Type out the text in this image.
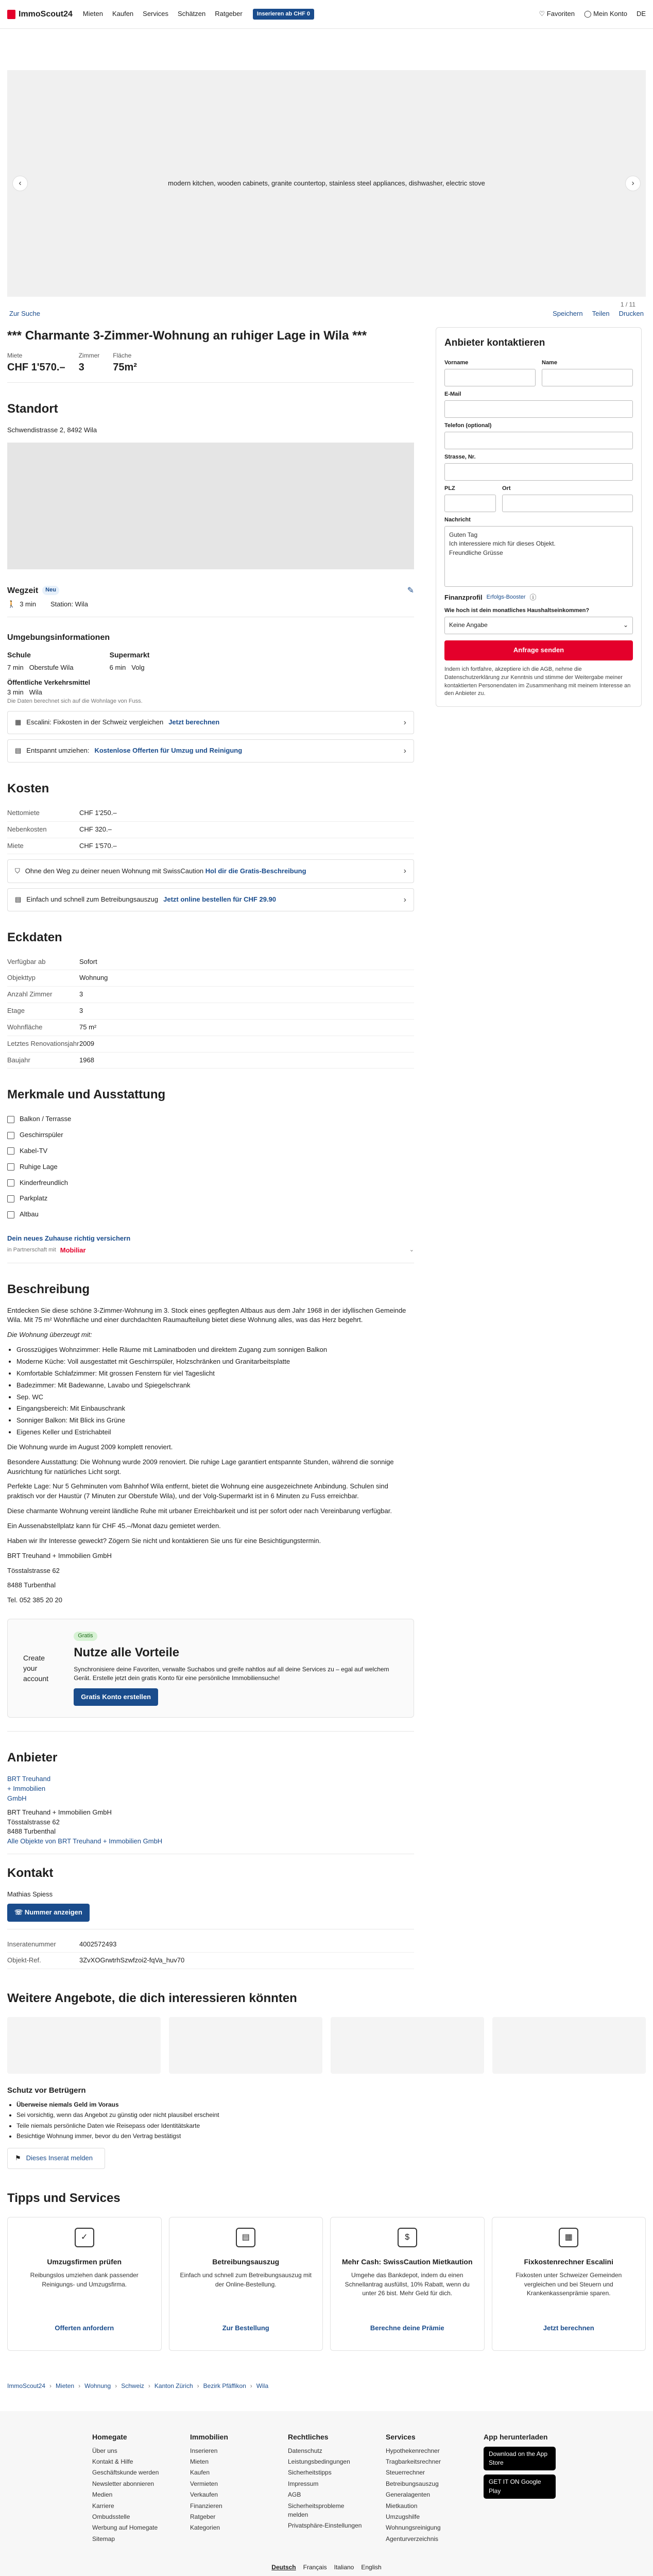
ImmoScout24 Mieten Kaufen Services Schätzen Ratgeber	Inserieren ab CHF 0	♡ Favoriten ◯ Mein Konto DE
modern kitchen, wooden cabinets, granite countertop, stainless steel appliances, dishwasher, electric stove
‹	›
1 / 11
Zur Suche	Speichern Teilen Drucken
*** Charmante 3-Zimmer-Wohnung an ruhiger Lage in Wila ***
Miete
CHF 1'570.–
Zimmer
3
Fläche
75m²
Standort
Schwendistrasse 2, 8492 Wila
Wegzeit	Neu	✎
🚶 3 min Station: Wila
Umgebungsinformationen
Schule
7 min Oberstufe Wila
Supermarkt
6 min Volg
Öffentliche Verkehrsmittel
3 min Wila
Die Daten berechnet sich auf die Wohnlage von Fuss.
▦ Escalini: Fixkosten in der Schweiz vergleichen Jetzt berechnen	›
▤ Entspannt umziehen: Kostenlose Offerten für Umzug und Reinigung	›
Kosten
Nettomiete	CHF 1'250.–
Nebenkosten	CHF 320.–
Miete	CHF 1'570.–
⛉ Ohne den Weg zu deiner neuen Wohnung mit SwissCaution Hol dir die Gratis-Beschreibung	›
▤ Einfach und schnell zum Betreibungsauszug Jetzt online bestellen für CHF 29.90	›
Eckdaten
Verfügbar ab	Sofort
Objekttyp	Wohnung
Anzahl Zimmer	3
Etage	3
Wohnfläche	75 m²
Letztes Renovationsjahr 2009
Baujahr	1968
Merkmale und Ausstattung
Balkon / Terrasse
Geschirrspüler
Kabel-TV
Ruhige Lage
Kinderfreundlich
Parkplatz
Altbau
Dein neues Zuhause richtig versichern
in Partnerschaft mit Mobiliar	⌄
Beschreibung

Entdecken Sie diese schöne 3-Zimmer-Wohnung im 3. Stock eines gepflegten Altbaus aus dem Jahr 1968 in der idyllischen Gemeinde Wila. Mit 75 m² Wohnfläche und einer durchdachten Raumaufteilung bietet diese Wohnung alles, was das Herz begehrt.

Die Wohnung überzeugt mit:

• Grosszügiges Wohnzimmer: Helle Räume mit Laminatboden und direktem Zugang zum sonnigen Balkon
• Moderne Küche: Voll ausgestattet mit Geschirrspüler, Holzschränken und Granitarbeitsplatte
• Komfortable Schlafzimmer: Mit grossen Fenstern für viel Tageslicht
• Badezimmer: Mit Badewanne, Lavabo und Spiegelschrank
• Sep. WC
• Eingangsbereich: Mit Einbauschrank
• Sonniger Balkon: Mit Blick ins Grüne
• Eigenes Keller und Estrichabteil

Die Wohnung wurde im August 2009 komplett renoviert.

Besondere Ausstattung: Die Wohnung wurde 2009 renoviert. Die ruhige Lage garantiert entspannte Stunden, während die sonnige Ausrichtung für natürliches Licht sorgt.

Perfekte Lage: Nur 5 Gehminuten vom Bahnhof Wila entfernt, bietet die Wohnung eine ausgezeichnete Anbindung. Schulen sind praktisch vor der Haustür (7 Minuten zur Oberstufe Wila), und der Volg-Supermarkt ist in 6 Minuten zu Fuss erreichbar.

Diese charmante Wohnung vereint ländliche Ruhe mit urbaner Erreichbarkeit und ist per sofort oder nach Vereinbarung verfügbar.

Ein Aussenabstellplatz kann für CHF 45.–/Monat dazu gemietet werden.

Haben wir Ihr Interesse geweckt? Zögern Sie nicht und kontaktieren Sie uns für eine Besichtigungstermin.

BRT Treuhand + Immobilien GmbH

Tösstalstrasse 62

8488 Turbenthal

Tel. 052 385 20 20

Create your account
Gratis
Nutze alle Vorteile
Synchronisiere deine Favoriten, verwalte Suchabos und greife nahtlos auf all deine Services zu – egal auf welchem Gerät. Erstelle jetzt dein gratis Konto für eine persönliche Immobiliensuche!
Gratis Konto erstellen
Anbieter
BRT Treuhand + Immobilien GmbH
BRT Treuhand + Immobilien GmbH
Tösstalstrasse 62
8488 Turbenthal
Alle Objekte von BRT Treuhand + Immobilien GmbH
Kontakt
Mathias Spiess
☏ Nummer anzeigen
Inseratenummer	4002572493
Objekt-Ref.	3ZvXOGrwtrhSzwfzoi2-fqVa_huv70
Anbieter kontaktieren
Vorname	Name
E-Mail
Telefon (optional)
Strasse, Nr.
PLZ	Ort
Nachricht
Guten Tag
Ich interessiere mich für dieses Objekt.
Freundliche Grüsse
Finanzprofil Erfolgs-Booster ⓘ
Wie hoch ist dein monatliches Haushaltseinkommen?
Keine Angabe	⌄
Anfrage senden
Indem ich fortfahre, akzeptiere ich die AGB, nehme die Datenschutzerklärung zur Kenntnis und stimme der Weitergabe meiner kontaktierten Personendaten im Zusammenhang mit meinem Interesse an den Anbieter zu.
Weitere Angebote, die dich interessieren könnten
Schutz vor Betrügern
• Überweise niemals Geld im Voraus
• Sei vorsichtig, wenn das Angebot zu günstig oder nicht plausibel erscheint
• Teile niemals persönliche Daten wie Reisepass oder Identitätskarte
• Besichtige Wohnung immer, bevor du den Vertrag bestätigst
⚑ Dieses Inserat melden
Tipps und Services
✓
Umzugsfirmen prüfen
Reibungslos umziehen dank passender Reinigungs- und Umzugsfirma.
Offerten anfordern
▤
Betreibungsauszug
Einfach und schnell zum Betreibungsauszug mit der Online-Bestellung.
Zur Bestellung
$
Mehr Cash: SwissCaution Mietkaution
Umgehe das Bankdepot, indem du einen Schnellantrag ausfüllst, 10% Rabatt, wenn du unter 26 bist. Mehr Geld für dich.
Berechne deine Prämie
▦
Fixkostenrechner Escalini
Fixkosten unter Schweizer Gemeinden vergleichen und bei Steuern und Krankenkassenprämie sparen.
Jetzt berechnen
ImmoScout24 › Mieten › Wohnung › Schweiz › Kanton Zürich › Bezirk Pfäffikon › Wila
Homegate
Über uns
Kontakt & Hilfe
Geschäftskunde werden
Newsletter abonnieren
Medien
Karriere
Ombudsstelle
Werbung auf Homegate
Sitemap
Immobilien
Inserieren
Mieten
Kaufen
Vermieten
Verkaufen
Finanzieren
Ratgeber
Kategorien
Rechtliches
Datenschutz
Leistungsbedingungen
Sicherheitstipps
Impressum
AGB
Sicherheitsprobleme melden
Privatsphäre-Einstellungen
Services
Hypothekenrechner
Tragbarkeitsrechner
Steuerrechner
Betreibungsauszug
Generalagenten
Mietkaution
Umzugshilfe
Wohnungsreinigung
Agenturverzeichnis
App herunterladen
Download on the App Store
GET IT ON Google Play
Deutsch Français Italiano English
